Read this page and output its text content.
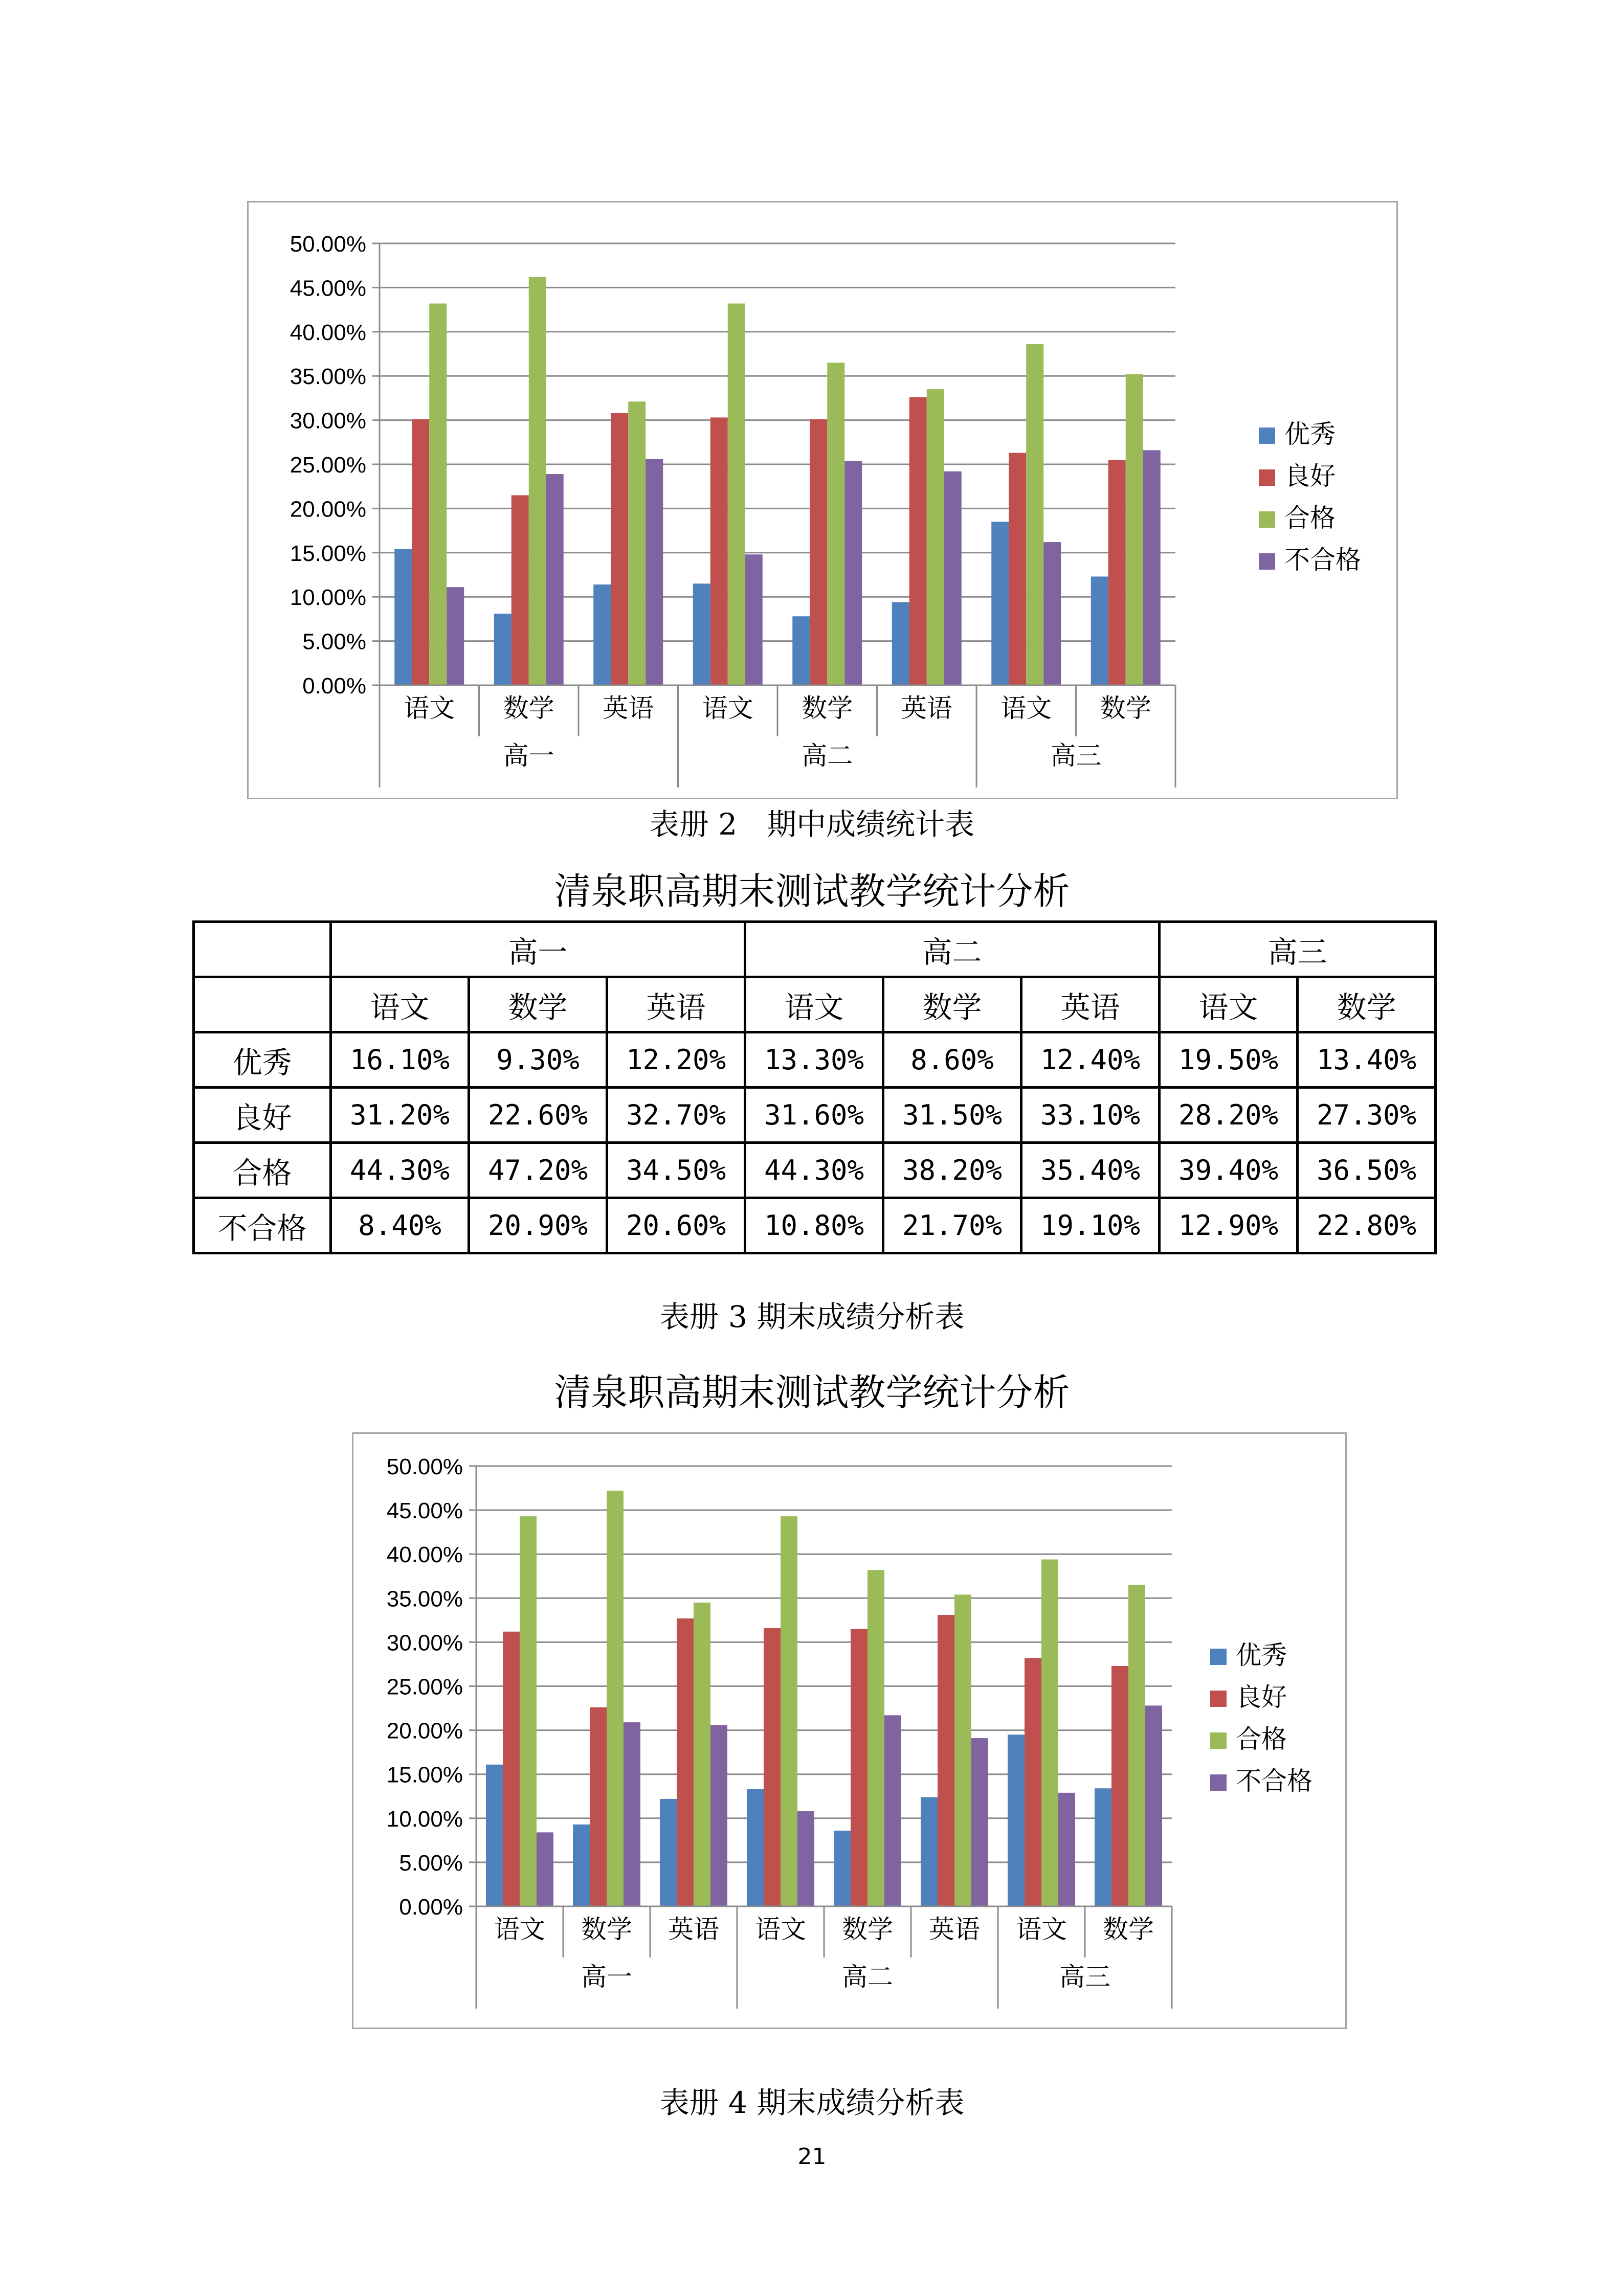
0.00%
5.00%
10.00%
15.00%
20.00%
25.00%
30.00%
35.00%
40.00%
45.00%
50.00%
语文 数学 英语 语文 数学 英语 语文 数学
高一	高二	高三
优秀
良好
合格
不合格
表册 2　期中成绩统计表
清泉职高期末测试教学统计分析
	高一			高二			高三	
	语文	数学	英语	语文	数学	英语	语文	数学
优秀	16.10%	9.30%	12.20%	13.30%	8.60%	12.40%	19.50%	13.40%
良好	31.20%	22.60%	32.70%	31.60%	31.50%	33.10%	28.20%	27.30%
合格	44.30%	47.20%	34.50%	44.30%	38.20%	35.40%	39.40%	36.50%
不合格	8.40%	20.90%	20.60%	10.80%	21.70%	19.10%	12.90%	22.80%
表册 3 期末成绩分析表
清泉职高期末测试教学统计分析
0.00%
5.00%
10.00%
15.00%
20.00%
25.00%
30.00%
35.00%
40.00%
45.00%
50.00%
语文 数学 英语 语文 数学 英语 语文 数学
高一	高二	高三
优秀
良好
合格
不合格
表册 4 期末成绩分析表
21
